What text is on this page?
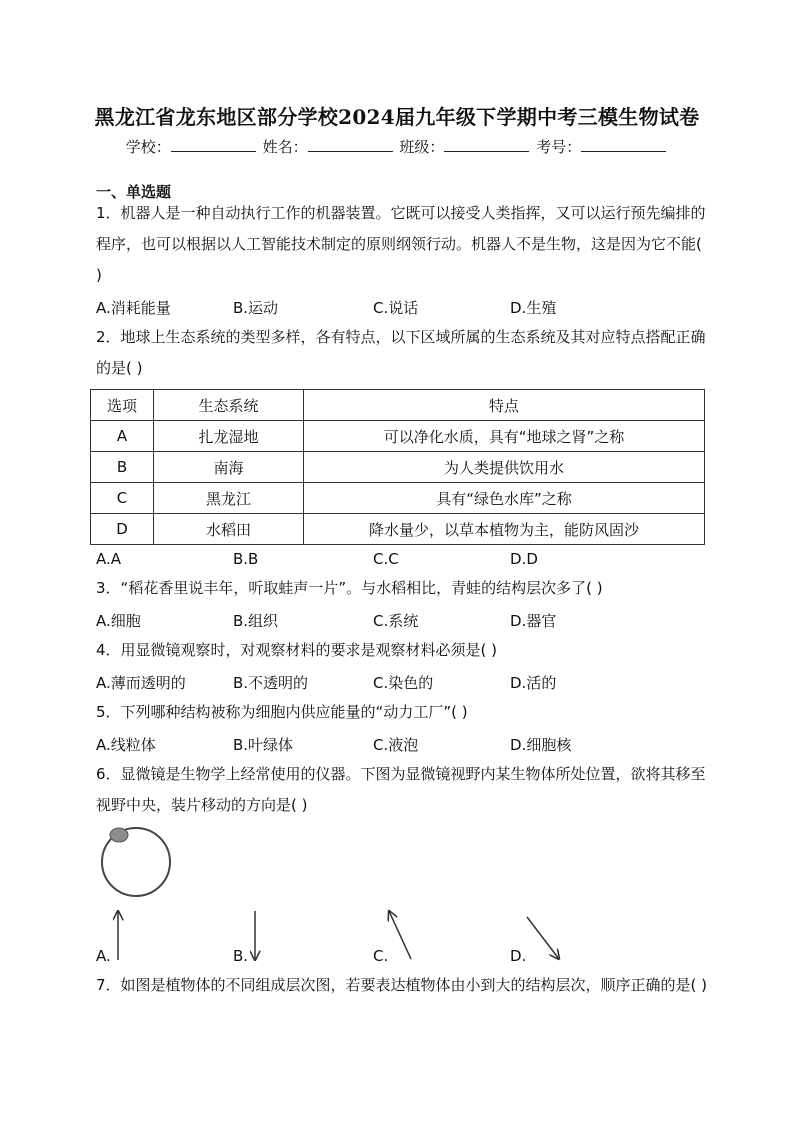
黑龙江省龙东地区部分学校2024届九年级下学期中考三模生物试卷
学校：	姓名：	班级：	考号：
一、单选题
1．机器人是一种自动执行工作的机器装置。它既可以接受人类指挥，又可以运行预先编排的程序，也可以根据以人工智能技术制定的原则纲领行动。机器人不是生物，这是因为它不能( )
A.消耗能量	B.运动	C.说话	D.生殖
2．地球上生态系统的类型多样，各有特点，以下区域所属的生态系统及其对应特点搭配正确的是( )
选项	生态系统	特点
A	扎龙湿地	可以净化水质，具有“地球之肾”之称
B	南海	为人类提供饮用水
C	黑龙江	具有“绿色水库”之称
D	水稻田	降水量少，以草本植物为主，能防风固沙
A.A	B.B	C.C	D.D
3．“稻花香里说丰年，听取蛙声一片”。与水稻相比，青蛙的结构层次多了( )
A.细胞	B.组织	C.系统	D.器官
4．用显微镜观察时，对观察材料的要求是观察材料必须是( )
A.薄而透明的	B.不透明的	C.染色的	D.活的
5．下列哪种结构被称为细胞内供应能量的“动力工厂”( )
A.线粒体	B.叶绿体	C.液泡	D.细胞核
6．显微镜是生物学上经常使用的仪器。下图为显微镜视野内某生物体所处位置，欲将其移至视野中央，装片移动的方向是( )
A.	B.	C.	D.
7．如图是植物体的不同组成层次图，若要表达植物体由小到大的结构层次，顺序正确的是( )
